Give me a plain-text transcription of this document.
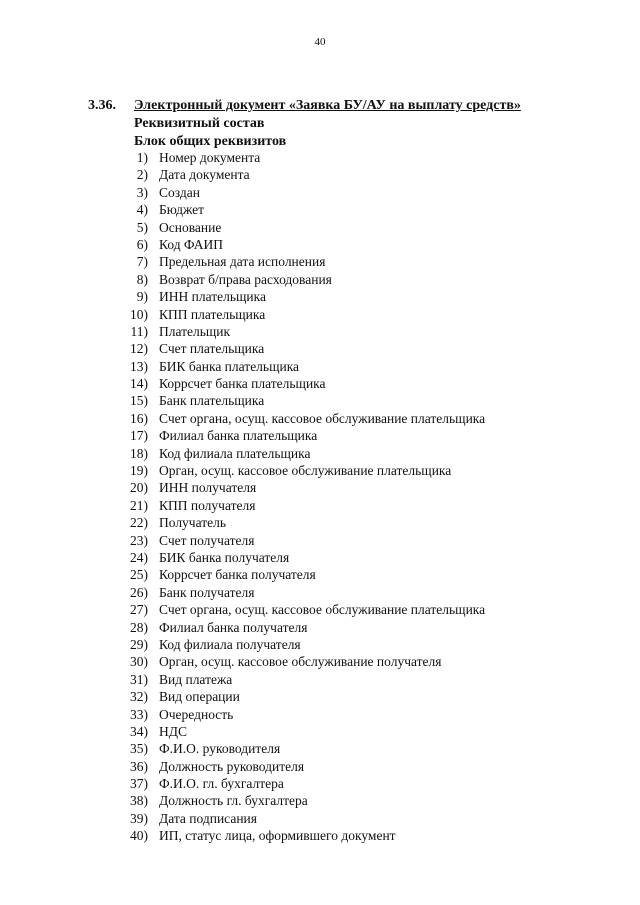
40
3.36. Электронный документ «Заявка БУ/АУ на выплату средств»
Реквизитный состав
Блок общих реквизитов
1) Номер документа
2) Дата документа
3) Создан
4) Бюджет
5) Основание
6) Код ФАИП
7) Предельная дата исполнения
8) Возврат б/права расходования
9) ИНН плательщика
10) КПП плательщика
11) Плательщик
12) Счет плательщика
13) БИК банка плательщика
14) Коррсчет банка плательщика
15) Банк плательщика
16) Счет органа, осущ. кассовое обслуживание плательщика
17) Филиал банка плательщика
18) Код филиала плательщика
19) Орган, осущ. кассовое обслуживание плательщика
20) ИНН получателя
21) КПП получателя
22) Получатель
23) Счет получателя
24) БИК банка получателя
25) Коррсчет банка получателя
26) Банк получателя
27) Счет органа, осущ. кассовое обслуживание плательщика
28) Филиал банка получателя
29) Код филиала получателя
30) Орган, осущ. кассовое обслуживание получателя
31) Вид платежа
32) Вид операции
33) Очередность
34) НДС
35) Ф.И.О. руководителя
36) Должность руководителя
37) Ф.И.О. гл. бухгалтера
38) Должность гл. бухгалтера
39) Дата подписания
40) ИП, статус лица, оформившего документ
